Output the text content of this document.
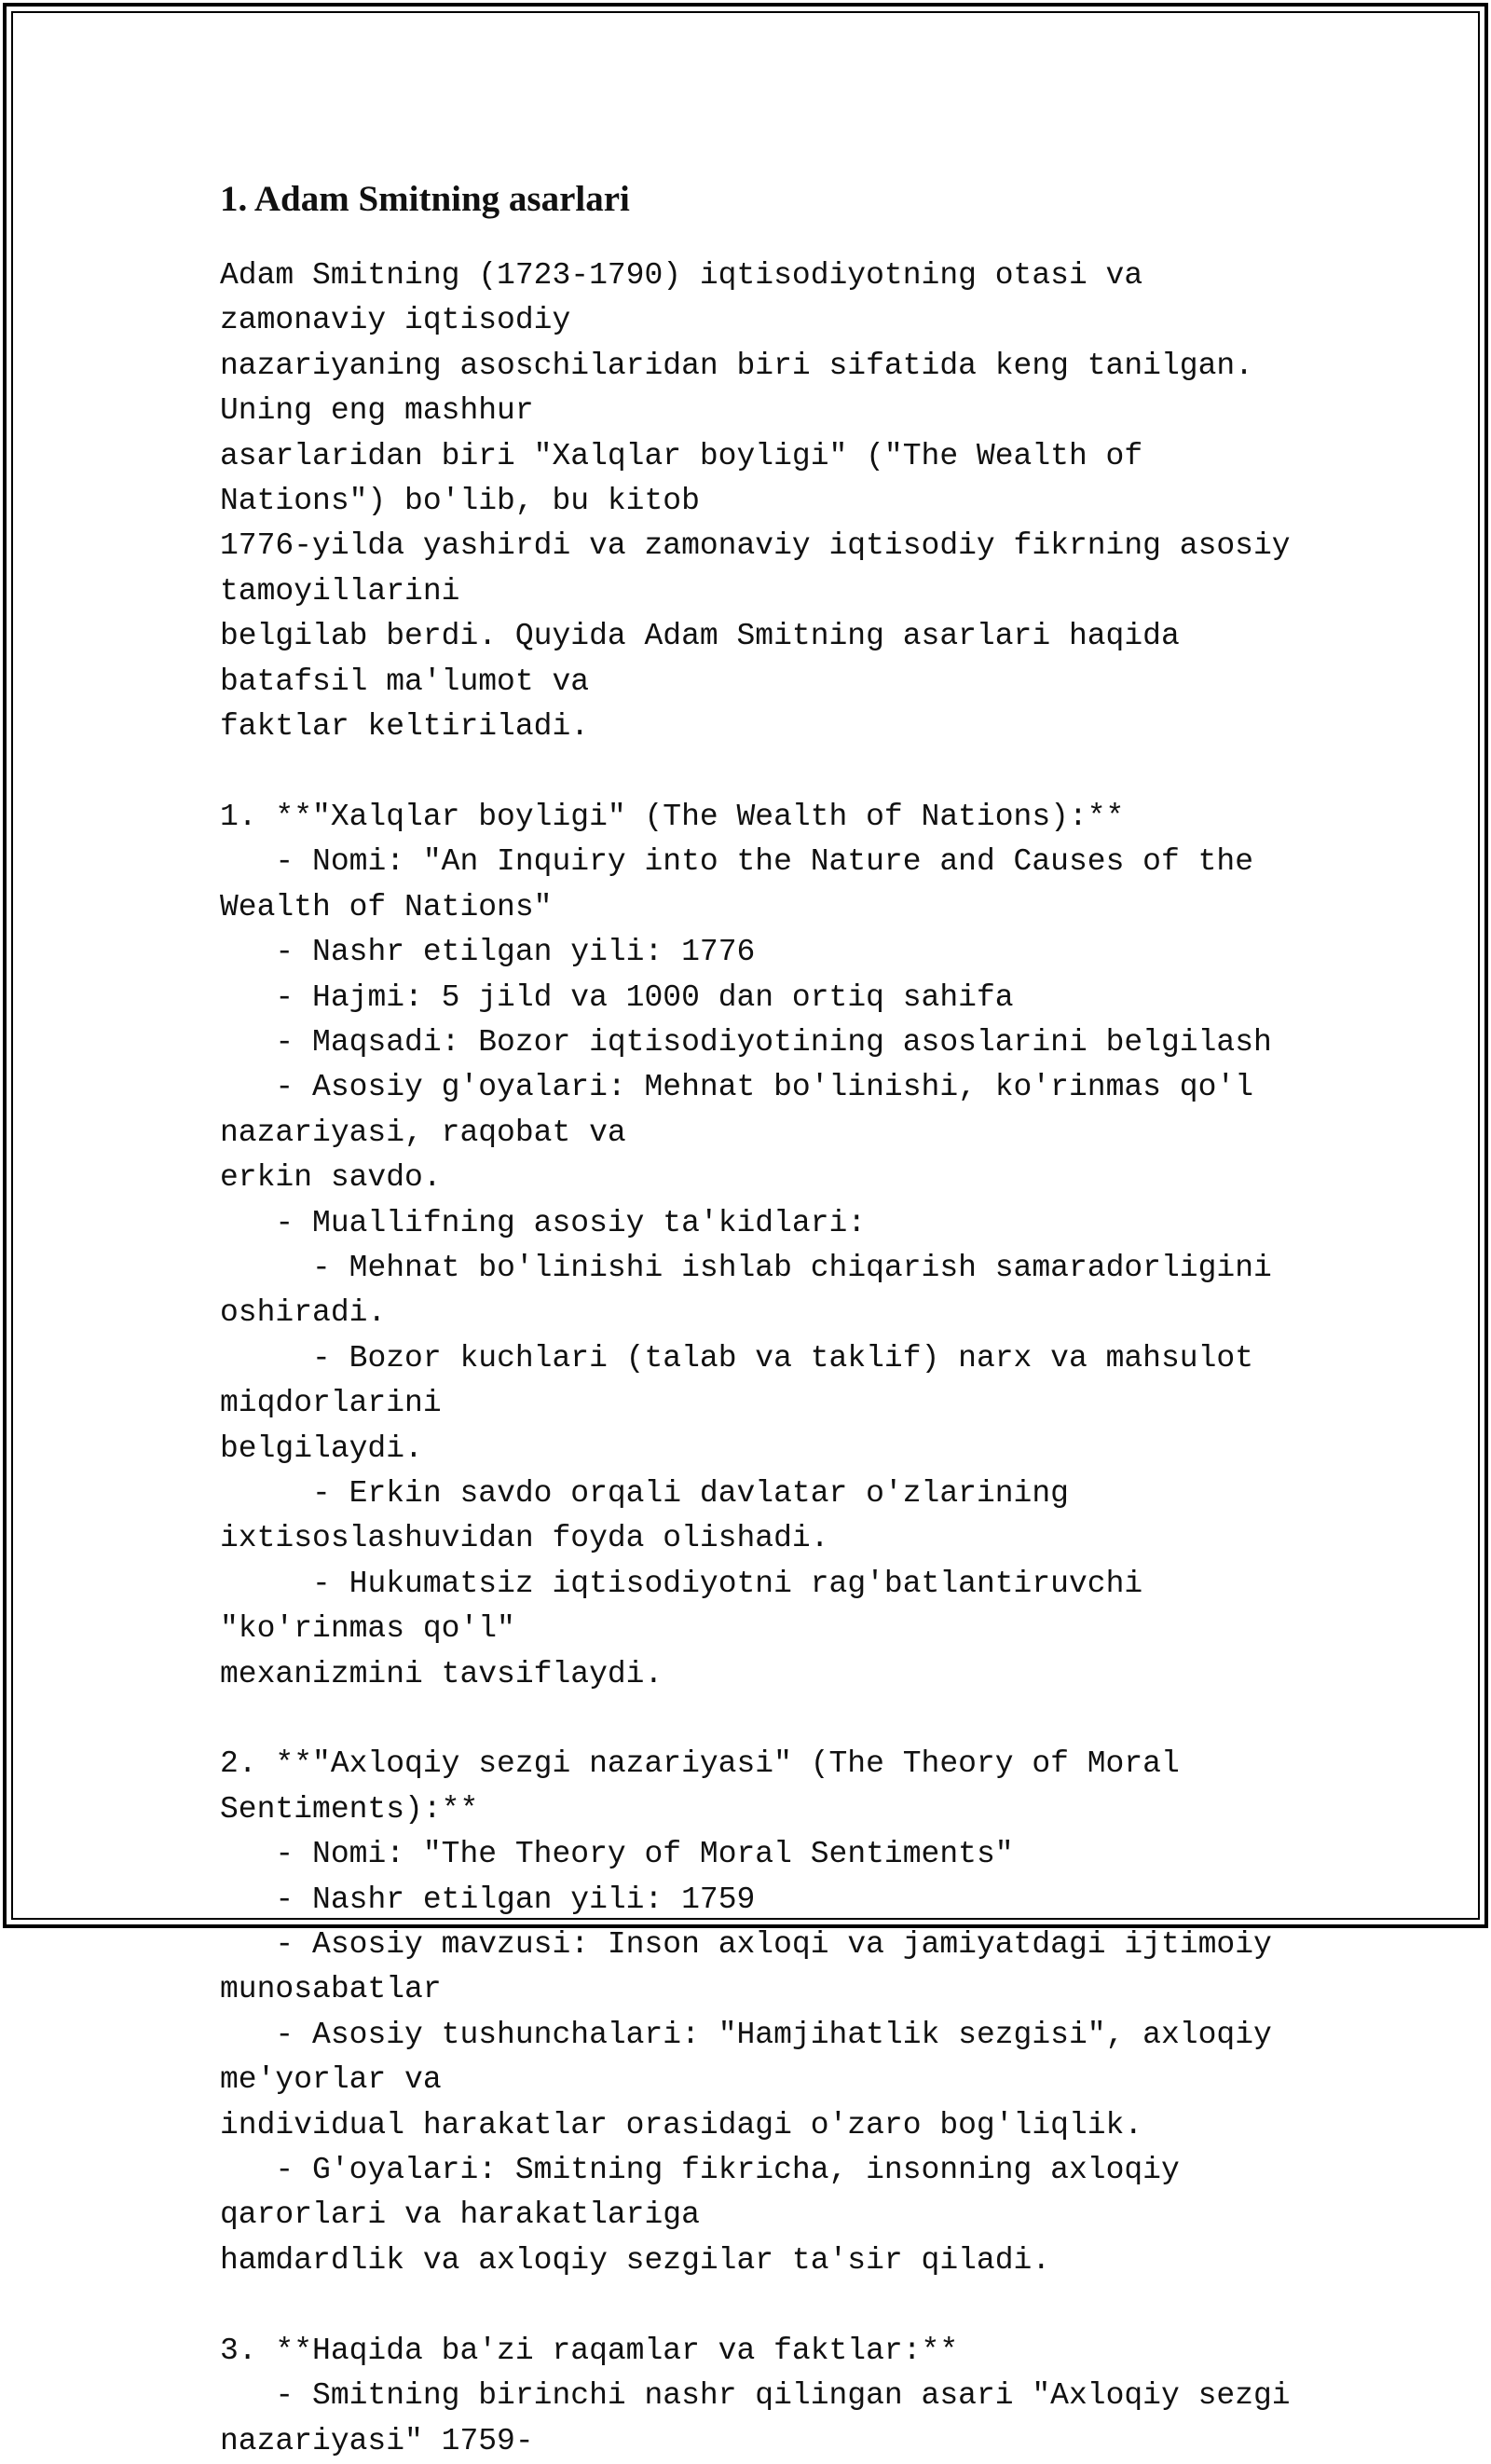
1. Adam Smitning asarlari
Adam Smitning (1723-1790) iqtisodiyotning otasi va zamonaviy iqtisodiy
nazariyaning asoschilaridan biri sifatida keng tanilgan. Uning eng mashhur
asarlaridan biri "Xalqlar boyligi" ("The Wealth of Nations") bo'lib, bu kitob
1776-yilda yashirdi va zamonaviy iqtisodiy fikrning asosiy tamoyillarini
belgilab berdi. Quyida Adam Smitning asarlari haqida batafsil ma'lumot va
faktlar keltiriladi.

1. **"Xalqlar boyligi" (The Wealth of Nations):**
- Nomi: "An Inquiry into the Nature and Causes of the Wealth of Nations"
- Nashr etilgan yili: 1776
- Hajmi: 5 jild va 1000 dan ortiq sahifa
- Maqsadi: Bozor iqtisodiyotining asoslarini belgilash
- Asosiy g'oyalari: Mehnat bo'linishi, ko'rinmas qo'l nazariyasi, raqobat va
erkin savdo.
- Muallifning asosiy ta'kidlari:
- Mehnat bo'linishi ishlab chiqarish samaradorligini oshiradi.
- Bozor kuchlari (talab va taklif) narx va mahsulot miqdorlarini
belgilaydi.
- Erkin savdo orqali davlatar o'zlarining ixtisoslashuvidan foyda olishadi.
- Hukumatsiz iqtisodiyotni rag'batlantiruvchi "ko'rinmas qo'l"
mexanizmini tavsiflaydi.

2. **"Axloqiy sezgi nazariyasi" (The Theory of Moral Sentiments):**
- Nomi: "The Theory of Moral Sentiments"
- Nashr etilgan yili: 1759
- Asosiy mavzusi: Inson axloqi va jamiyatdagi ijtimoiy munosabatlar
- Asosiy tushunchalari: "Hamjihatlik sezgisi", axloqiy me'yorlar va
individual harakatlar orasidagi o'zaro bog'liqlik.
- G'oyalari: Smitning fikricha, insonning axloqiy qarorlari va harakatlariga
hamdardlik va axloqiy sezgilar ta'sir qiladi.

3. **Haqida ba'zi raqamlar va faktlar:**
- Smitning birinchi nashr qilingan asari "Axloqiy sezgi nazariyasi" 1759-
